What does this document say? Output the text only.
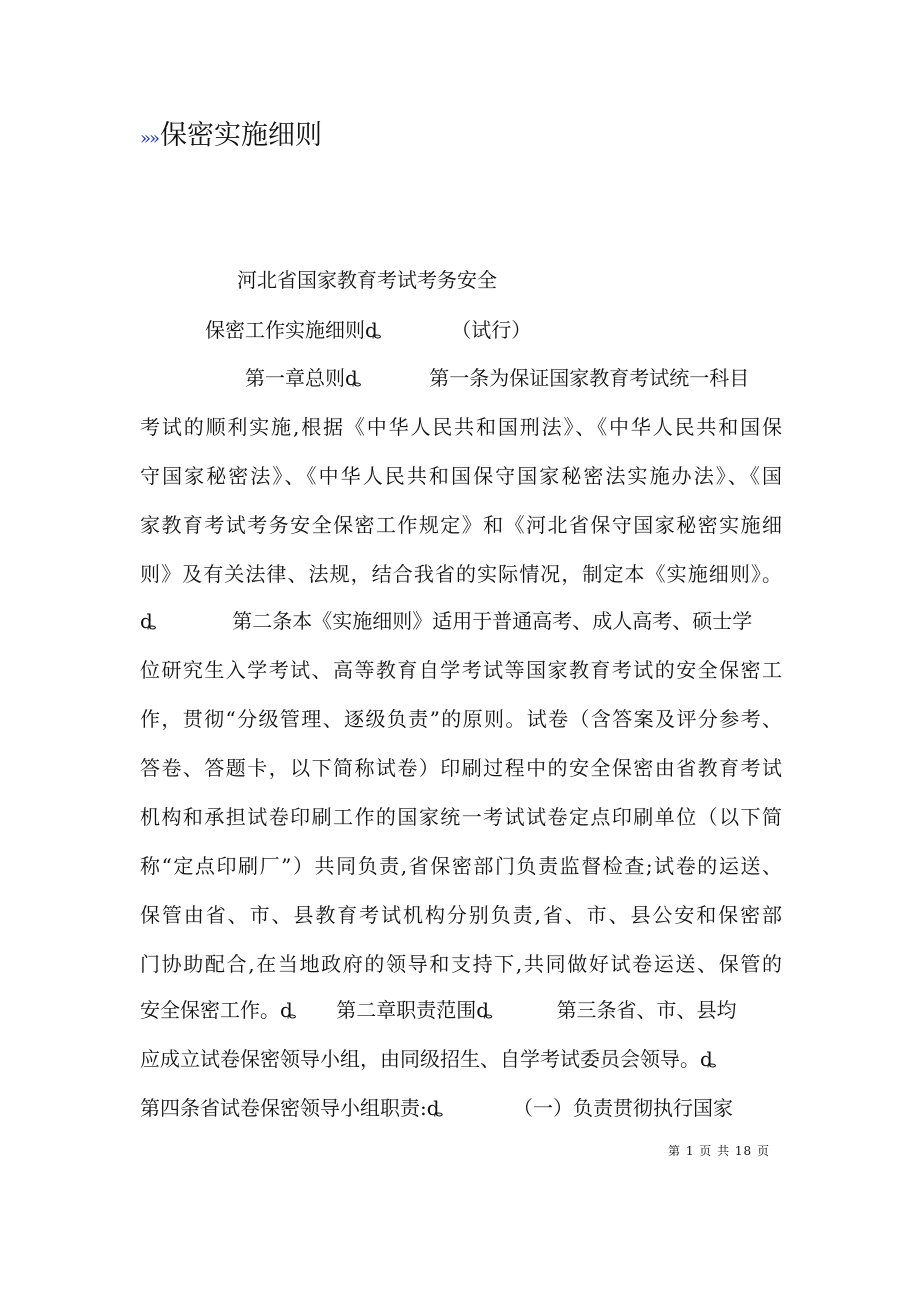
»»保密实施细则
河北省国家教育考试考务安全
保密工作实施细则ȡ	（试行）
第一章总则ȡ	第一条为保证国家教育考试统一科目
考试的顺利实施,根据《中华人民共和国刑法》、《中华人民共和国保
守国家秘密法》、《中华人民共和国保守国家秘密法实施办法》、《国
家教育考试考务安全保密工作规定》和《河北省保守国家秘密实施细
则》及有关法律、法规，结合我省的实际情况，制定本《实施细则》。
ȡ	第二条本《实施细则》适用于普通高考、成人高考、硕士学
位研究生入学考试、高等教育自学考试等国家教育考试的安全保密工
作，贯彻“分级管理、逐级负责”的原则。试卷（含答案及评分参考、
答卷、答题卡，以下简称试卷）印刷过程中的安全保密由省教育考试
机构和承担试卷印刷工作的国家统一考试试卷定点印刷单位（以下简
称“定点印刷厂”）共同负责,省保密部门负责监督检查;试卷的运送、
保管由省、市、县教育考试机构分别负责,省、市、县公安和保密部
门协助配合,在当地政府的领导和支持下,共同做好试卷运送、保管的
安全保密工作。ȡ 第二章职责范围ȡ	第三条省、市、县均
应成立试卷保密领导小组，由同级招生、自学考试委员会领导。ȡ
第四条省试卷保密领导小组职责:ȡ	（一）负责贯彻执行国家
第 1 页 共 18 页
